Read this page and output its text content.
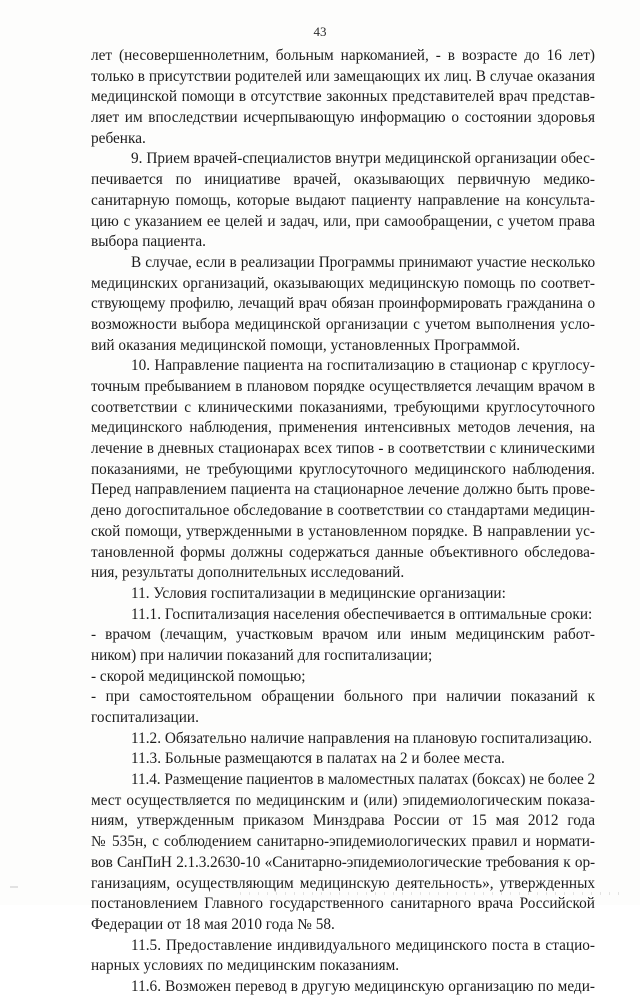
43
лет (несовершеннолетним, больным наркоманией, - в возрасте до 16 лет)
только в присутствии родителей или замещающих их лиц. В случае оказания
медицинской помощи в отсутствие законных представителей врач представ-
ляет им впоследствии исчерпывающую информацию о состоянии здоровья
ребенка.
9. Прием врачей-специалистов внутри медицинской организации обес-
печивается по инициативе врачей, оказывающих первичную медико-
санитарную помощь, которые выдают пациенту направление на консульта-
цию с указанием ее целей и задач, или, при самообращении, с учетом права
выбора пациента.
В случае, если в реализации Программы принимают участие несколько
медицинских организаций, оказывающих медицинскую помощь по соответ-
ствующему профилю, лечащий врач обязан проинформировать гражданина о
возможности выбора медицинской организации с учетом выполнения усло-
вий оказания медицинской помощи, установленных Программой.
10. Направление пациента на госпитализацию в стационар с круглосу-
точным пребыванием в плановом порядке осуществляется лечащим врачом в
соответствии с клиническими показаниями, требующими круглосуточного
медицинского наблюдения, применения интенсивных методов лечения, на
лечение в дневных стационарах всех типов - в соответствии с клиническими
показаниями, не требующими круглосуточного медицинского наблюдения.
Перед направлением пациента на стационарное лечение должно быть прове-
дено догоспитальное обследование в соответствии со стандартами медицин-
ской помощи, утвержденными в установленном порядке. В направлении ус-
тановленной формы должны содержаться данные объективного обследова-
ния, результаты дополнительных исследований.
11. Условия госпитализации в медицинские организации:
11.1. Госпитализация населения обеспечивается в оптимальные сроки:
- врачом (лечащим, участковым врачом или иным медицинским работ-
ником) при наличии показаний для госпитализации;
- скорой медицинской помощью;
- при самостоятельном обращении больного при наличии показаний к
госпитализации.
11.2. Обязательно наличие направления на плановую госпитализацию.
11.3. Больные размещаются в палатах на 2 и более места.
11.4. Размещение пациентов в маломестных палатах (боксах) не более 2
мест осуществляется по медицинским и (или) эпидемиологическим показа-
ниям, утвержденным приказом Минздрава России от 15 мая 2012 года
№ 535н, с соблюдением санитарно-эпидемиологических правил и нормати-
вов СанПиН 2.1.3.2630-10 «Санитарно-эпидемиологические требования к ор-
ганизациям, осуществляющим медицинскую деятельность», утвержденных
постановлением Главного государственного санитарного врача Российской
Федерации от 18 мая 2010 года № 58.
11.5. Предоставление индивидуального медицинского поста в стацио-
нарных условиях по медицинским показаниям.
11.6. Возможен перевод в другую медицинскую организацию по меди-
